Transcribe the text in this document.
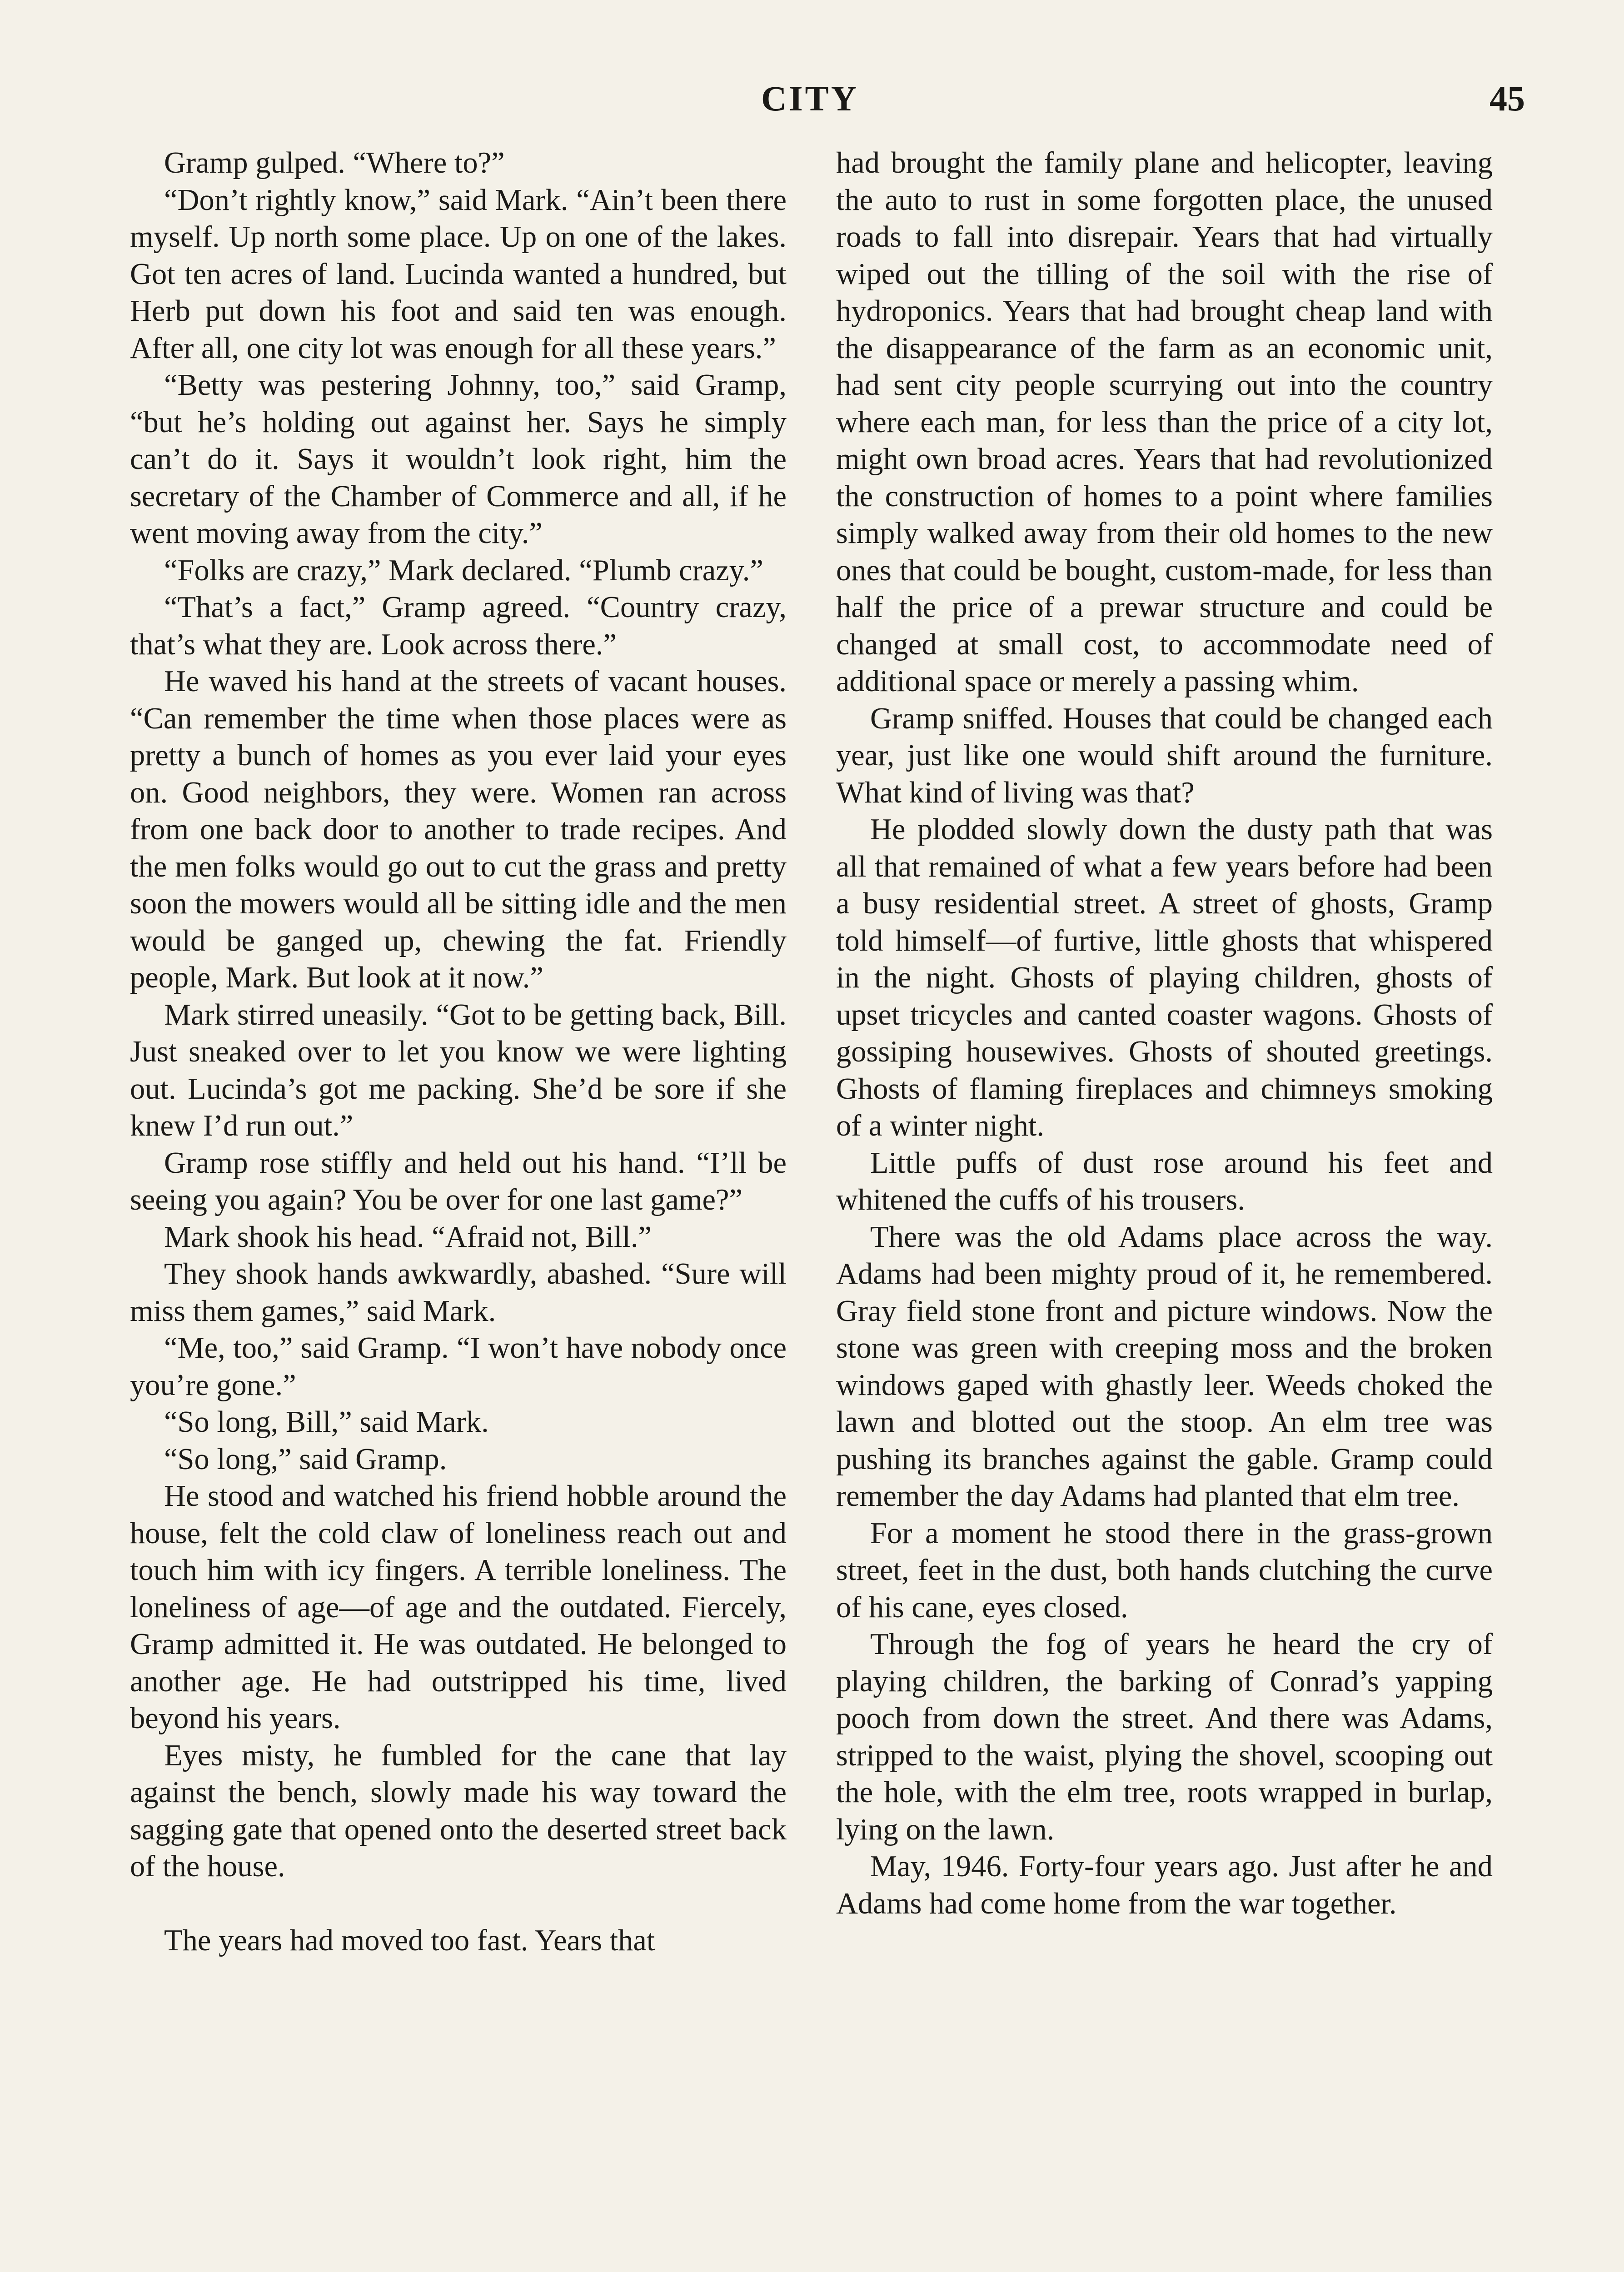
CITY	45

Gramp gulped. “Where to?”

“Don’t rightly know,” said Mark. “Ain’t been there myself. Up north some place. Up on one of the lakes. Got ten acres of land. Lucinda wanted a hundred, but Herb put down his foot and said ten was enough. After all, one city lot was enough for all these years.”

“Betty was pestering Johnny, too,” said Gramp, “but he’s holding out against her. Says he simply can’t do it. Says it wouldn’t look right, him the secretary of the Chamber of Commerce and all, if he went moving away from the city.”

“Folks are crazy,” Mark declared. “Plumb crazy.”

“That’s a fact,” Gramp agreed. “Country crazy, that’s what they are. Look across there.”

He waved his hand at the streets of vacant houses. “Can remember the time when those places were as pretty a bunch of homes as you ever laid your eyes on. Good neighbors, they were. Women ran across from one back door to another to trade recipes. And the men folks would go out to cut the grass and pretty soon the mowers would all be sitting idle and the men would be ganged up, chewing the fat. Friendly people, Mark. But look at it now.”

Mark stirred uneasily. “Got to be getting back, Bill. Just sneaked over to let you know we were lighting out. Lucinda’s got me packing. She’d be sore if she knew I’d run out.”

Gramp rose stiffly and held out his hand. “I’ll be seeing you again? You be over for one last game?”

Mark shook his head. “Afraid not, Bill.”

They shook hands awkwardly, abashed. “Sure will miss them games,” said Mark.

“Me, too,” said Gramp. “I won’t have nobody once you’re gone.”

“So long, Bill,” said Mark.

“So long,” said Gramp.

He stood and watched his friend hobble around the house, felt the cold claw of loneliness reach out and touch him with icy fingers. A terrible loneliness. The loneliness of age—of age and the outdated. Fiercely, Gramp admitted it. He was outdated. He belonged to another age. He had outstripped his time, lived beyond his years.

Eyes misty, he fumbled for the cane that lay against the bench, slowly made his way toward the sagging gate that opened onto the deserted street back of the house.

The years had moved too fast. Years that

had brought the family plane and helicopter, leaving the auto to rust in some forgotten place, the unused roads to fall into disrepair. Years that had virtually wiped out the tilling of the soil with the rise of hydroponics. Years that had brought cheap land with the disappearance of the farm as an economic unit, had sent city people scurrying out into the country where each man, for less than the price of a city lot, might own broad acres. Years that had revolutionized the construction of homes to a point where families simply walked away from their old homes to the new ones that could be bought, custom-made, for less than half the price of a prewar structure and could be changed at small cost, to accommodate need of additional space or merely a passing whim.

Gramp sniffed. Houses that could be changed each year, just like one would shift around the furniture. What kind of living was that?

He plodded slowly down the dusty path that was all that remained of what a few years before had been a busy residential street. A street of ghosts, Gramp told himself—of furtive, little ghosts that whispered in the night. Ghosts of playing children, ghosts of upset tricycles and canted coaster wagons. Ghosts of gossiping housewives. Ghosts of shouted greetings. Ghosts of flaming fireplaces and chimneys smoking of a winter night.

Little puffs of dust rose around his feet and whitened the cuffs of his trousers.

There was the old Adams place across the way. Adams had been mighty proud of it, he remembered. Gray field stone front and picture windows. Now the stone was green with creeping moss and the broken windows gaped with ghastly leer. Weeds choked the lawn and blotted out the stoop. An elm tree was pushing its branches against the gable. Gramp could remember the day Adams had planted that elm tree.

For a moment he stood there in the grass-grown street, feet in the dust, both hands clutching the curve of his cane, eyes closed.

Through the fog of years he heard the cry of playing children, the barking of Conrad’s yapping pooch from down the street. And there was Adams, stripped to the waist, plying the shovel, scooping out the hole, with the elm tree, roots wrapped in burlap, lying on the lawn.

May, 1946. Forty-four years ago. Just after he and Adams had come home from the war together.
